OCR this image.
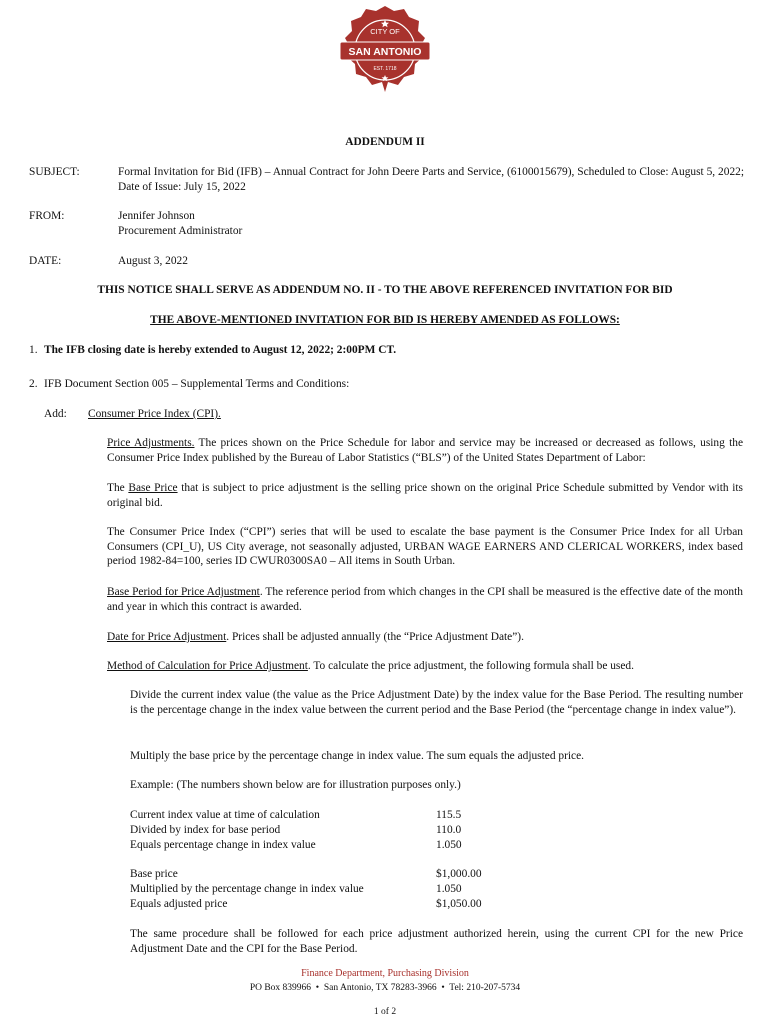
CITY OF
SAN ANTONIO
EST. 1718
ADDENDUM II
SUBJECT:	Formal Invitation for Bid (IFB) – Annual Contract for John Deere Parts and Service, (6100015679), Scheduled to Close: August 5, 2022; Date of Issue: July 15, 2022
FROM:	Jennifer Johnson
Procurement Administrator
DATE:	August 3, 2022
THIS NOTICE SHALL SERVE AS ADDENDUM NO. II - TO THE ABOVE REFERENCED INVITATION FOR BID
THE ABOVE-MENTIONED INVITATION FOR BID IS HEREBY AMENDED AS FOLLOWS:
1. The IFB closing date is hereby extended to August 12, 2022; 2:00PM CT.
2. IFB Document Section 005 – Supplemental Terms and Conditions:
Add: Consumer Price Index (CPI).
Price Adjustments. The prices shown on the Price Schedule for labor and service may be increased or decreased as follows, using the Consumer Price Index published by the Bureau of Labor Statistics (“BLS”) of the United States Department of Labor:
The Base Price that is subject to price adjustment is the selling price shown on the original Price Schedule submitted by Vendor with its original bid.
The Consumer Price Index (“CPI”) series that will be used to escalate the base payment is the Consumer Price Index for all Urban Consumers (CPI_U), US City average, not seasonally adjusted, URBAN WAGE EARNERS AND CLERICAL WORKERS, index based period 1982-84=100, series ID CWUR0300SA0 – All items in South Urban.
Base Period for Price Adjustment. The reference period from which changes in the CPI shall be measured is the effective date of the month and year in which this contract is awarded.
Date for Price Adjustment. Prices shall be adjusted annually (the “Price Adjustment Date”).
Method of Calculation for Price Adjustment. To calculate the price adjustment, the following formula shall be used.
Divide the current index value (the value as the Price Adjustment Date) by the index value for the Base Period. The resulting number is the percentage change in the index value between the current period and the Base Period (the “percentage change in index value”).
Multiply the base price by the percentage change in index value. The sum equals the adjusted price.
Example: (The numbers shown below are for illustration purposes only.)
Current index value at time of calculation	115.5
Divided by index for base period	110.0
Equals percentage change in index value	1.050
Base price	$1,000.00
Multiplied by the percentage change in index value	1.050
Equals adjusted price	$1,050.00
The same procedure shall be followed for each price adjustment authorized herein, using the current CPI for the new Price Adjustment Date and the CPI for the Base Period.
Finance Department, Purchasing Division
PO Box 839966  •  San Antonio, TX 78283-3966  •  Tel: 210-207-5734
1 of 2
